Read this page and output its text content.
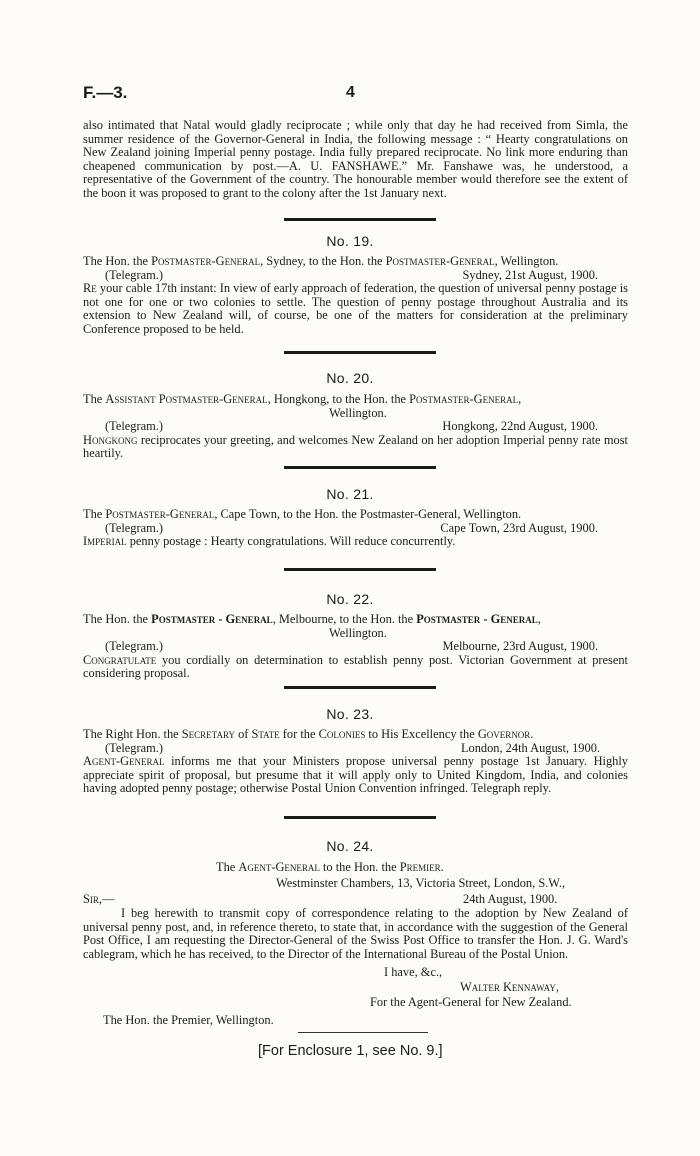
F.—3.	4

also intimated that Natal would gladly reciprocate ; while only that day he had received from Simla, the summer residence of the Governor-General in India, the following message : “ Hearty congratulations on New Zealand joining Imperial penny postage. India fully prepared reciprocate. No link more enduring than cheapened communication by post.—A. U. FANSHAWE.” Mr. Fanshawe was, he understood, a representative of the Government of the country. The honourable member would therefore see the extent of the boon it was proposed to grant to the colony after the 1st January next.

No. 19.
The Hon. the Postmaster-General, Sydney, to the Hon. the Postmaster-General, Wellington.
(Telegram.)	Sydney, 21st August, 1900.

Re your cable 17th instant: In view of early approach of federation, the question of universal penny postage is not one for one or two colonies to settle. The question of penny postage throughout Australia and its extension to New Zealand will, of course, be one of the matters for consideration at the preliminary Conference proposed to be held.

No. 20.
The Assistant Postmaster-General, Hongkong, to the Hon. the Postmaster-General,
Wellington.
(Telegram.)	Hongkong, 22nd August, 1900.

Hongkong reciprocates your greeting, and welcomes New Zealand on her adoption Imperial penny rate most heartily.

No. 21.
The Postmaster-General, Cape Town, to the Hon. the Postmaster-General, Wellington.
(Telegram.)	Cape Town, 23rd August, 1900.

Imperial penny postage : Hearty congratulations. Will reduce concurrently.

No. 22.
The Hon. the Postmaster - General, Melbourne, to the Hon. the Postmaster - General,
Wellington.
(Telegram.)	Melbourne, 23rd August, 1900.

Congratulate you cordially on determination to establish penny post. Victorian Government at present considering proposal.

No. 23.
The Right Hon. the Secretary of State for the Colonies to His Excellency the Governor.
(Telegram.)	London, 24th August, 1900.

Agent-General informs me that your Ministers propose universal penny postage 1st January. Highly appreciate spirit of proposal, but presume that it will apply only to United Kingdom, India, and colonies having adopted penny postage; otherwise Postal Union Convention infringed. Telegraph reply.

No. 24.
The Agent-General to the Hon. the Premier.
Westminster Chambers, 13, Victoria Street, London, S.W.,
Sir,—	24th August, 1900.

I beg herewith to transmit copy of correspondence relating to the adoption by New Zealand of universal penny post, and, in reference thereto, to state that, in accordance with the suggestion of the General Post Office, I am requesting the Director-General of the Swiss Post Office to transfer the Hon. J. G. Ward's cablegram, which he has received, to the Director of the International Bureau of the Postal Union.

I have, &c.,
Walter Kennaway,
For the Agent-General for New Zealand.
The Hon. the Premier, Wellington.
[For Enclosure 1, see No. 9.]
